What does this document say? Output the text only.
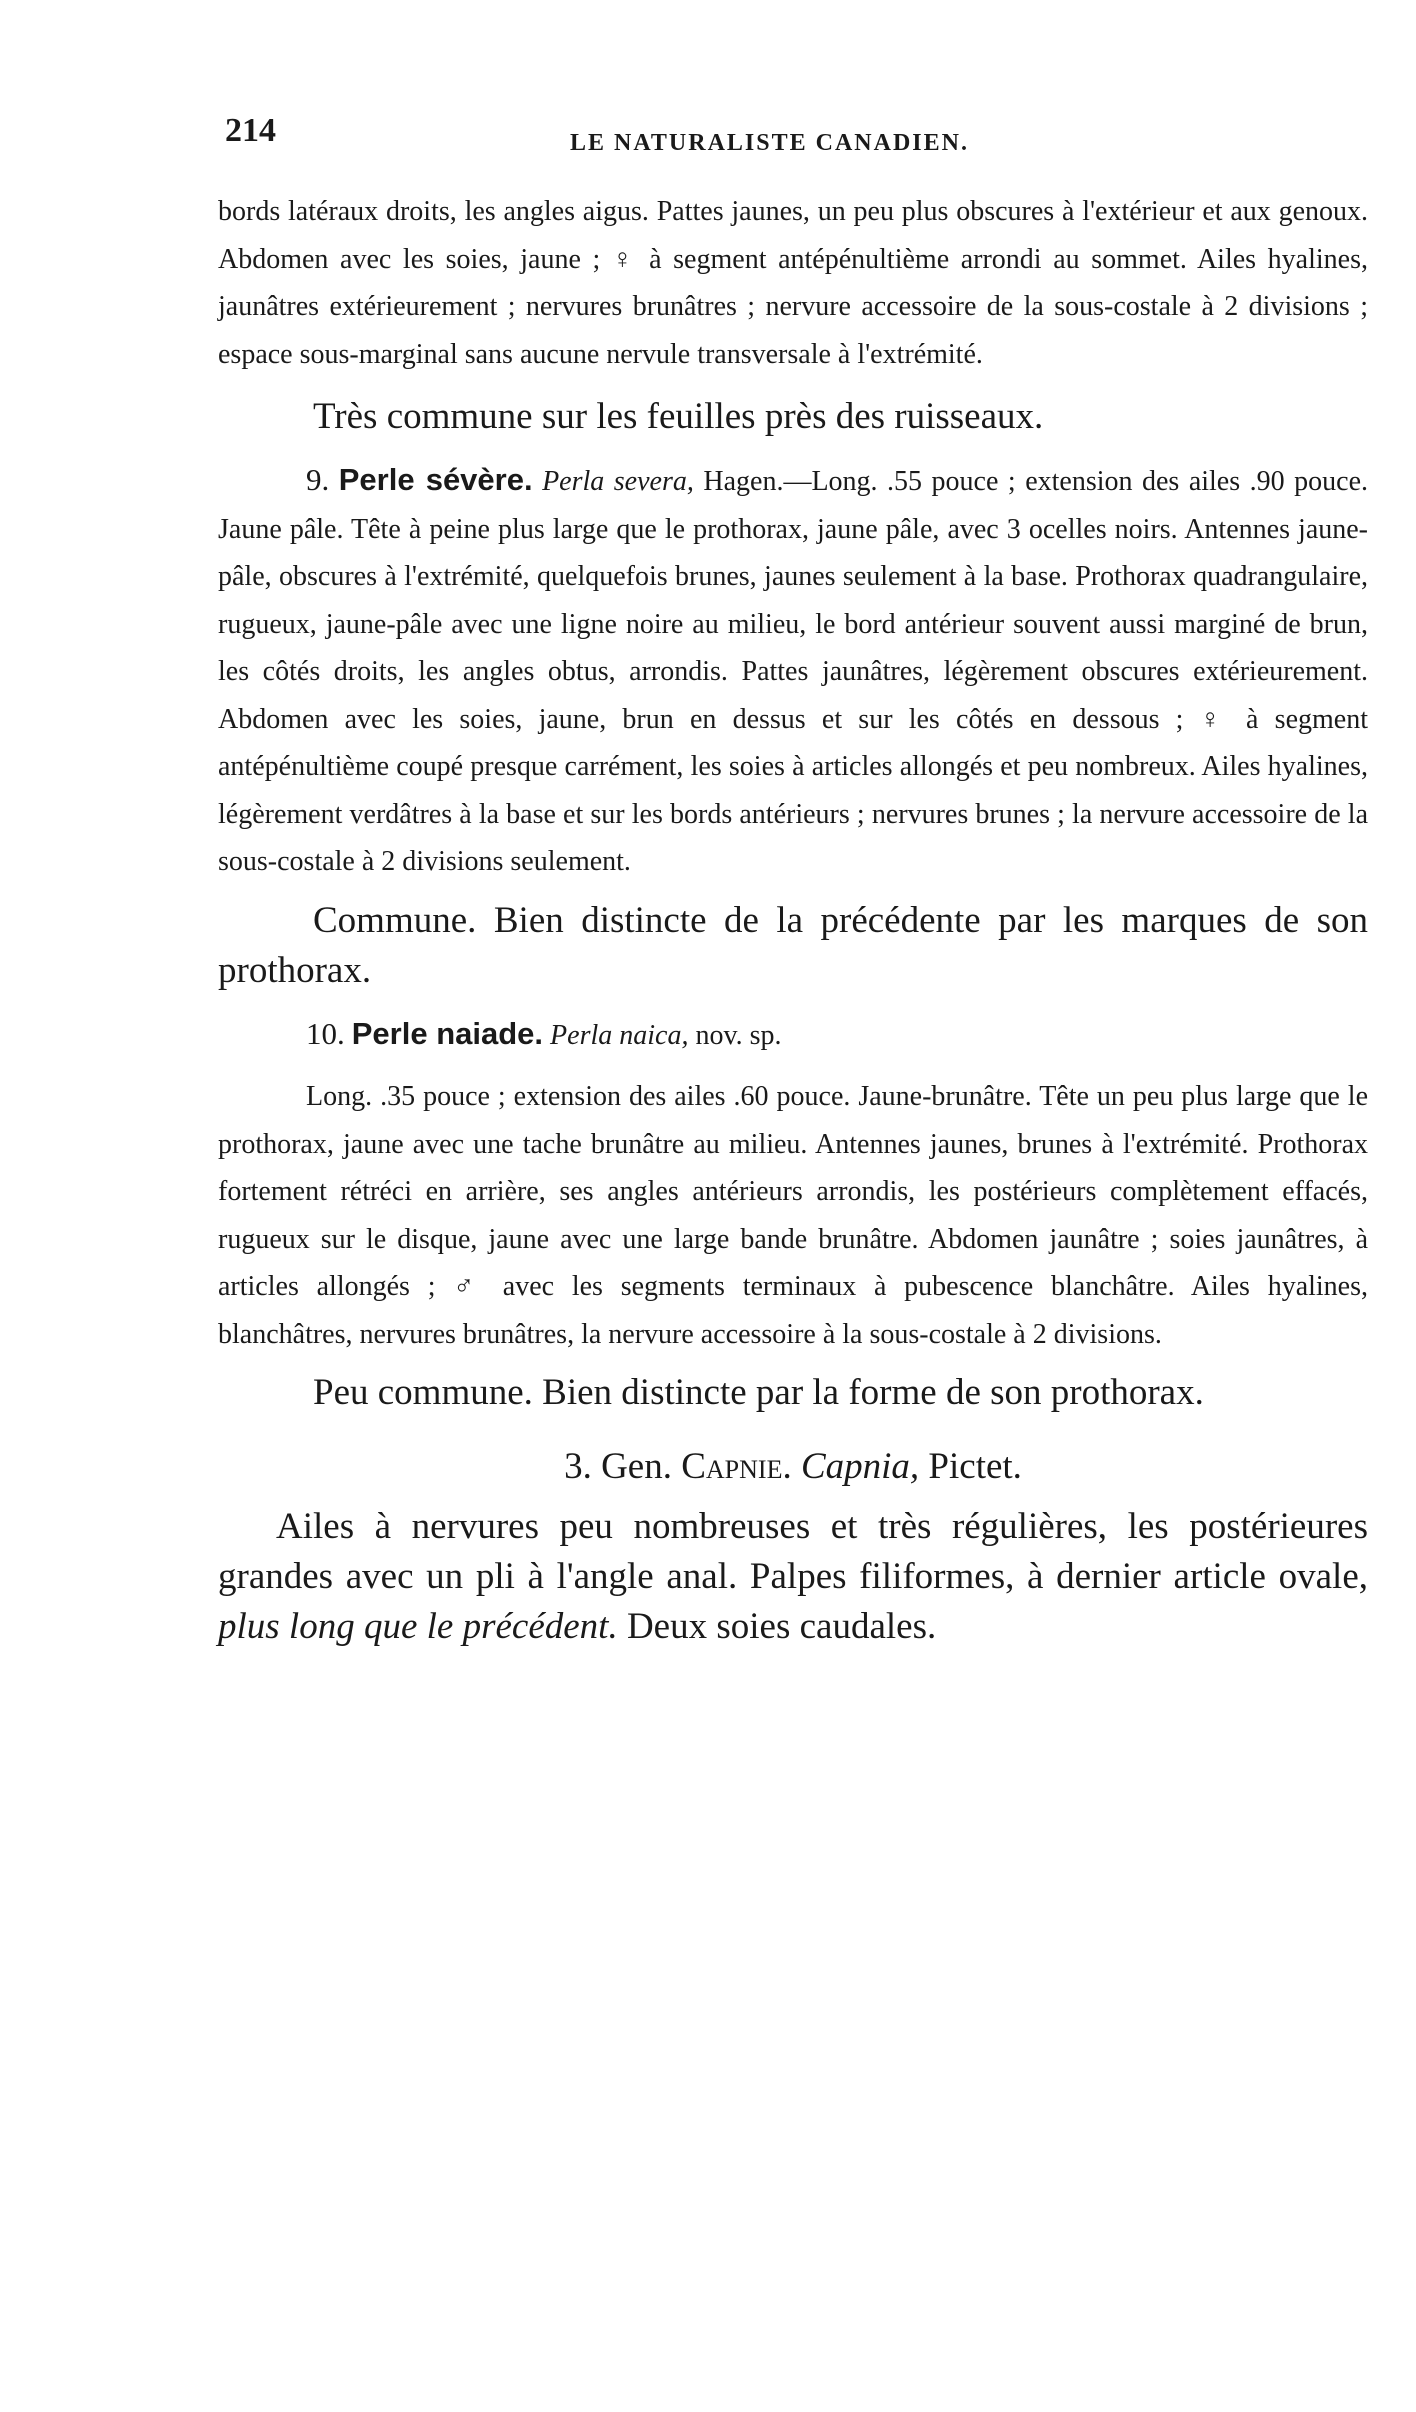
214	LE NATURALISTE CANADIEN.

bords latéraux droits, les angles aigus. Pattes jaunes, un peu plus obscures à l'extérieur et aux genoux. Abdomen avec les soies, jaune ; ♀ à segment antépénultième arrondi au sommet. Ailes hyalines, jaunâtres extérieurement ; nervures brunâtres ; nervure accessoire de la sous-costale à 2 divisions ; espace sous-marginal sans aucune nervule transversale à l'extrémité.

Très commune sur les feuilles près des ruisseaux.

9. Perle sévère. Perla severa, Hagen.—Long. .55 pouce ; extension des ailes .90 pouce. Jaune pâle. Tête à peine plus large que le prothorax, jaune pâle, avec 3 ocelles noirs. Antennes jaune-pâle, obscures à l'extrémité, quelquefois brunes, jaunes seulement à la base. Prothorax quadrangulaire, rugueux, jaune-pâle avec une ligne noire au milieu, le bord antérieur souvent aussi marginé de brun, les côtés droits, les angles obtus, arrondis. Pattes jaunâtres, légèrement obscures extérieurement. Abdomen avec les soies, jaune, brun en dessus et sur les côtés en dessous ; ♀ à segment antépénultième coupé presque carrément, les soies à articles allongés et peu nombreux. Ailes hyalines, légèrement verdâtres à la base et sur les bords antérieurs ; nervures brunes ; la nervure accessoire de la sous-costale à 2 divisions seulement.

Commune. Bien distincte de la précédente par les marques de son prothorax.

10. Perle naiade. Perla naica, nov. sp.

Long. .35 pouce ; extension des ailes .60 pouce. Jaune-brunâtre. Tête un peu plus large que le prothorax, jaune avec une tache brunâtre au milieu. Antennes jaunes, brunes à l'extrémité. Prothorax fortement rétréci en arrière, ses angles antérieurs arrondis, les postérieurs complètement effacés, rugueux sur le disque, jaune avec une large bande brunâtre. Abdomen jaunâtre ; soies jaunâtres, à articles allongés ; ♂ avec les segments terminaux à pubescence blanchâtre. Ailes hyalines, blanchâtres, nervures brunâtres, la nervure accessoire à la sous-costale à 2 divisions.

Peu commune. Bien distincte par la forme de son prothorax.

3. Gen. Capnie. Capnia, Pictet.

Ailes à nervures peu nombreuses et très régulières, les postérieures grandes avec un pli à l'angle anal. Palpes filiformes, à dernier article ovale, plus long que le précédent. Deux soies caudales.
